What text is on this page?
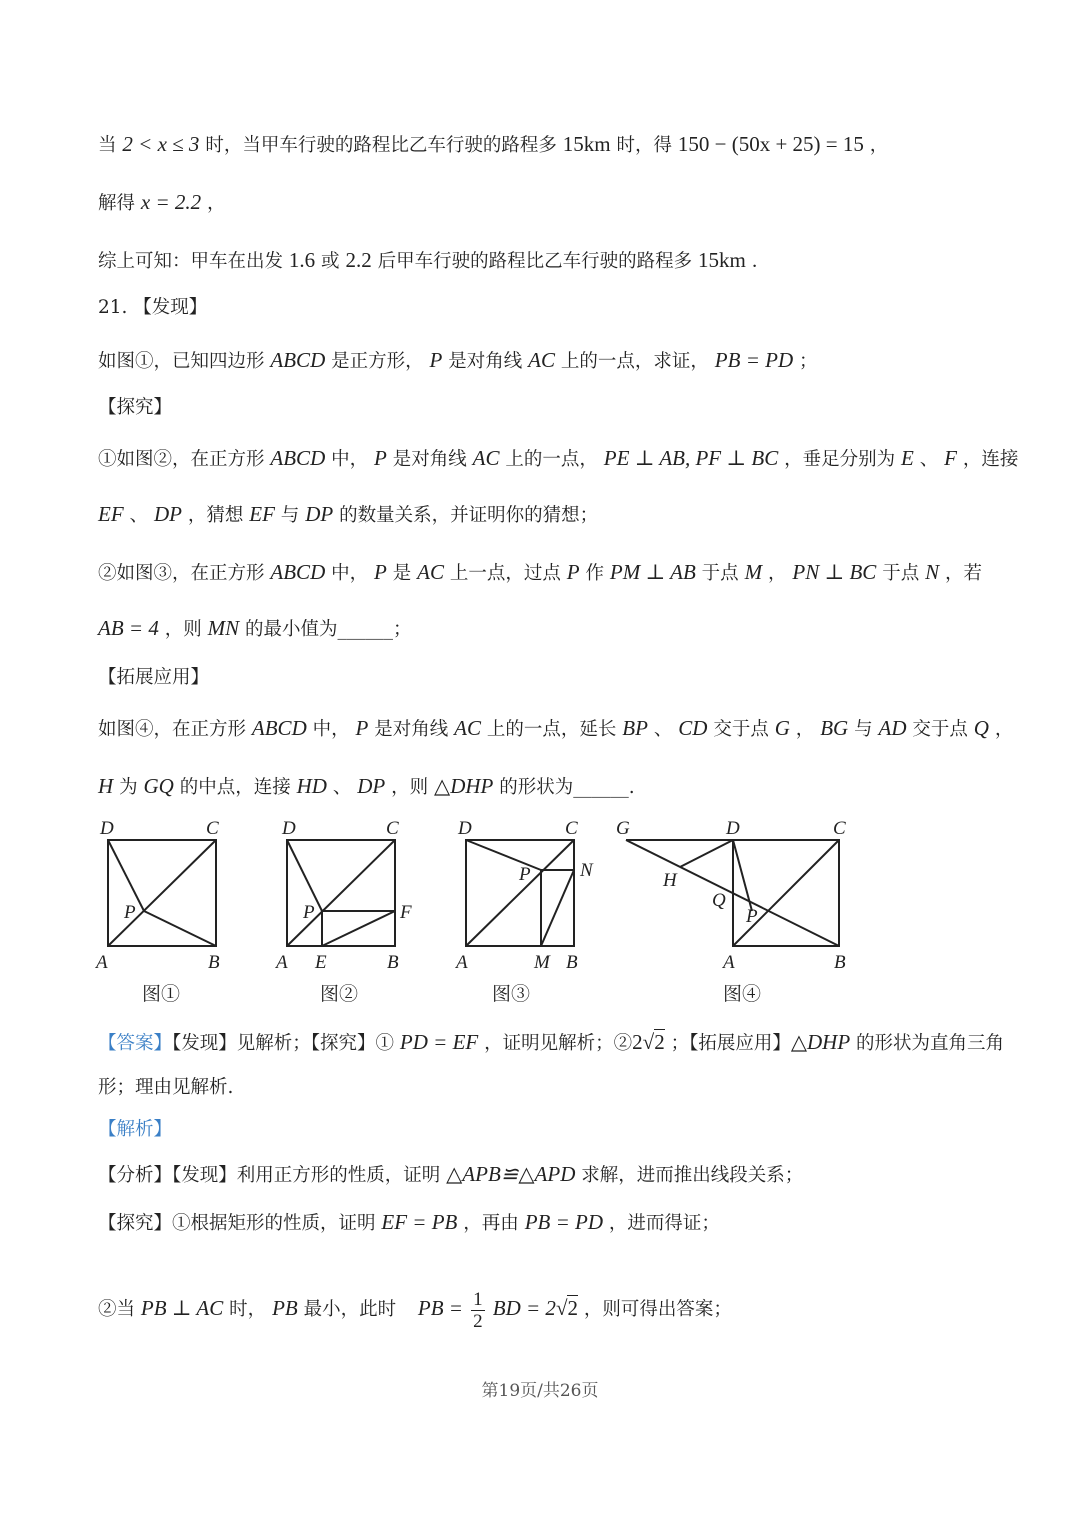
当 2 < x ≤ 3 时，当甲车行驶的路程比乙车行驶的路程多 15km 时，得 150 − (50x + 25) = 15 ，
解得 x = 2.2 ，
综上可知：甲车在出发 1.6 或 2.2 后甲车行驶的路程比乙车行驶的路程多 15km ．
21. 【发现】
如图①，已知四边形 ABCD 是正方形， P 是对角线 AC 上的一点，求证， PB = PD ；
【探究】
①如图②，在正方形 ABCD 中， P 是对角线 AC 上的一点， PE ⊥ AB, PF ⊥ BC ，垂足分别为 E 、 F ，连接
EF 、 DP ，猜想 EF 与 DP 的数量关系，并证明你的猜想；
②如图③，在正方形 ABCD 中， P 是 AC 上一点，过点 P 作 PM ⊥ AB 于点 M ， PN ⊥ BC 于点 N ，若
AB = 4 ，则 MN 的最小值为______；
【拓展应用】
如图④，在正方形 ABCD 中， P 是对角线 AC 上的一点，延长 BP 、 CD 交于点 G ， BG 与 AD 交于点 Q ，
H 为 GQ 的中点，连接 HD 、 DP ，则 △DHP 的形状为______.
D	C
A	B
P
图①
D	C
A	B
P
E
F
图②
D	C
A	B
P
M
N
图③
G	D	C
A	B
H
Q
P
图④
【答案】【发现】见解析；【探究】① PD = EF ，证明见解析；②2√2 ；【拓展应用】△DHP 的形状为直角三角
形；理由见解析.
【解析】
【分析】【发现】利用正方形的性质，证明 △APB≌△APD 求解，进而推出线段关系；
【探究】①根据矩形的性质，证明 EF = PB ，再由 PB = PD ，进而得证；
②当 PB ⊥ AC 时， PB 最小，此时 PB = $\frac{1}{2}$ BD = 2√2 ，则可得出答案；
第19页/共26页
